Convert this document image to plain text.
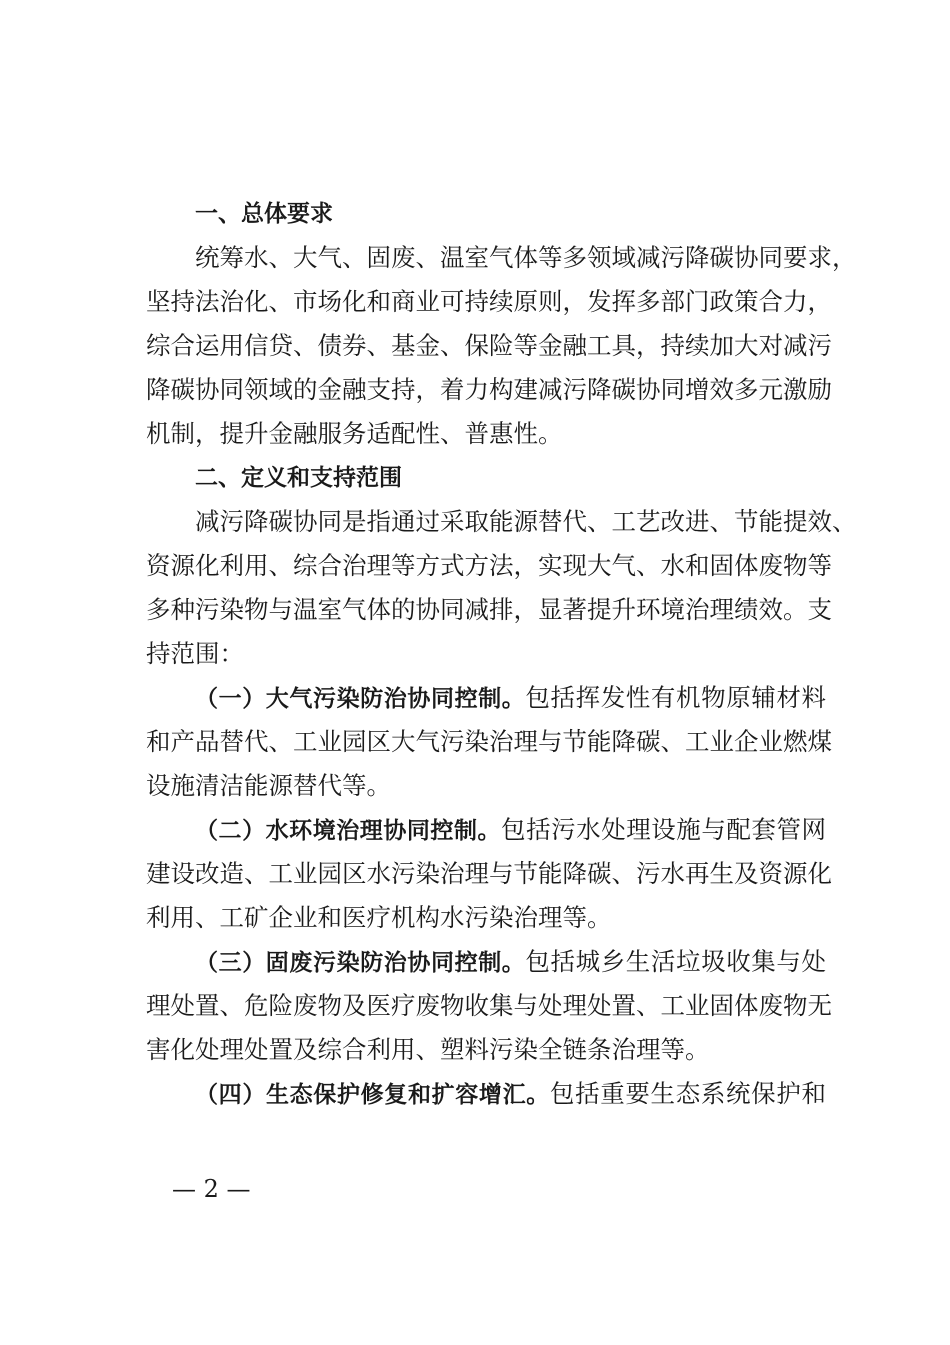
一、总体要求
统筹水、大气、固废、温室气体等多领域减污降碳协同要求，
坚持法治化、市场化和商业可持续原则，发挥多部门政策合力，
综合运用信贷、债券、基金、保险等金融工具，持续加大对减污
降碳协同领域的金融支持，着力构建减污降碳协同增效多元激励
机制，提升金融服务适配性、普惠性。
二、定义和支持范围
减污降碳协同是指通过采取能源替代、工艺改进、节能提效、
资源化利用、综合治理等方式方法，实现大气、水和固体废物等
多种污染物与温室气体的协同减排，显著提升环境治理绩效。支
持范围：
（一）大气污染防治协同控制。包括挥发性有机物原辅材料
和产品替代、工业园区大气污染治理与节能降碳、工业企业燃煤
设施清洁能源替代等。
（二）水环境治理协同控制。包括污水处理设施与配套管网
建设改造、工业园区水污染治理与节能降碳、污水再生及资源化
利用、工矿企业和医疗机构水污染治理等。
（三）固废污染防治协同控制。包括城乡生活垃圾收集与处
理处置、危险废物及医疗废物收集与处理处置、工业固体废物无
害化处理处置及综合利用、塑料污染全链条治理等。
（四）生态保护修复和扩容增汇。包括重要生态系统保护和
— 2 —
